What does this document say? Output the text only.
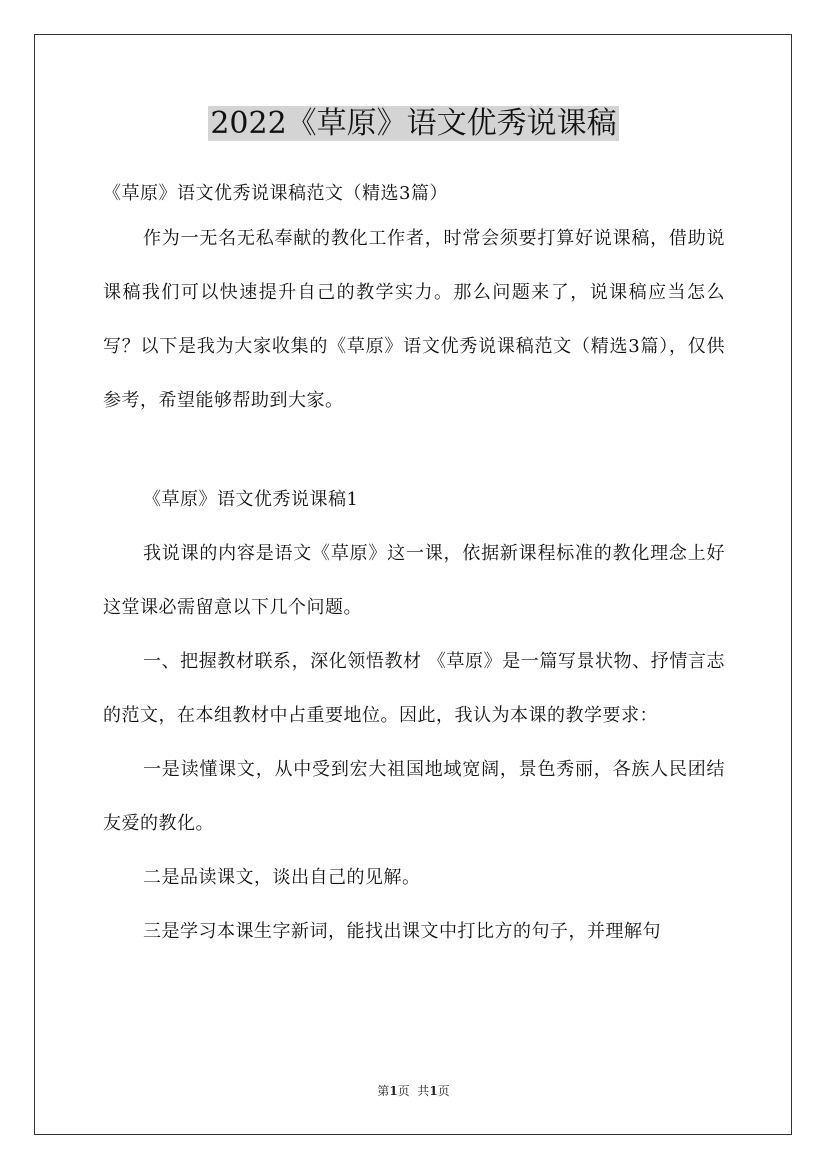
2022《草原》语文优秀说课稿

《草原》语文优秀说课稿范文（精选3篇）

作为一无名无私奉献的教化工作者，时常会须要打算好说课稿，借助说课稿我们可以快速提升自己的教学实力。那么问题来了，说课稿应当怎么写？以下是我为大家收集的《草原》语文优秀说课稿范文（精选3篇），仅供参考，希望能够帮助到大家。

《草原》语文优秀说课稿1

我说课的内容是语文《草原》这一课，依据新课程标准的教化理念上好这堂课必需留意以下几个问题。

一、把握教材联系，深化领悟教材 《草原》是一篇写景状物、抒情言志的范文，在本组教材中占重要地位。因此，我认为本课的教学要求：

一是读懂课文，从中受到宏大祖国地域宽阔，景色秀丽，各族人民团结友爱的教化。

二是品读课文，谈出自己的见解。

三是学习本课生字新词，能找出课文中打比方的句子，并理解句

第1页  共1页
